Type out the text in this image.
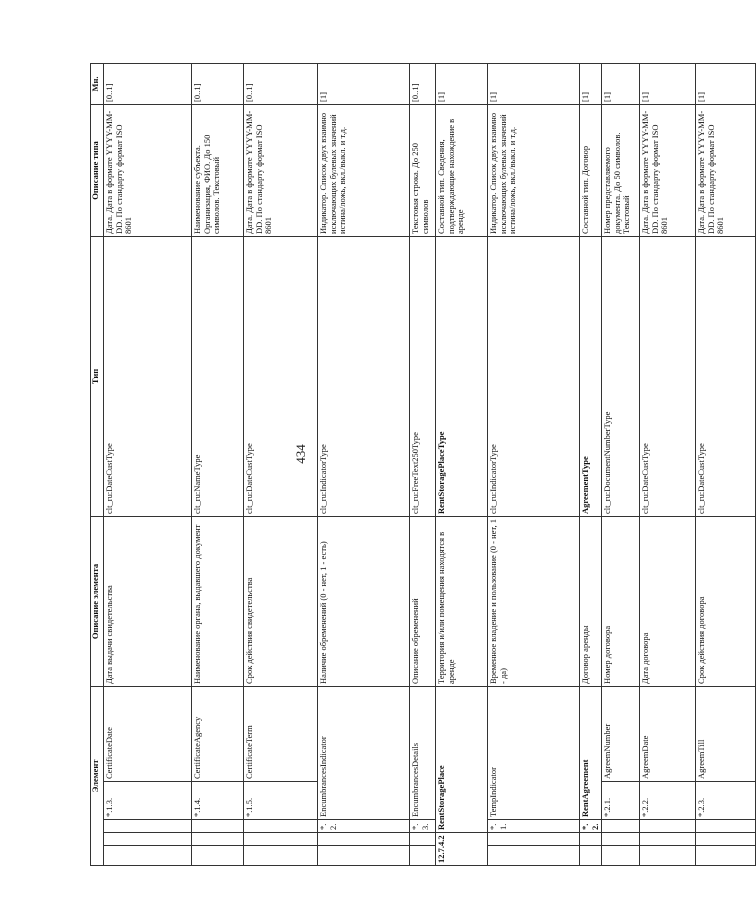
434
Элемент					Описание элемента	Тип	Описание типа	Мн.
			*.1.3.	CertificateDate	Дата выдачи свидетельства	clt_ru:DateCustType	Дата. Дата в формате YYYY-MM-DD. По стандарту формат ISO 8601	[0..1]
			*.1.4.	CertificateAgency	Наименование органа, выдавшего документ	clt_ru:NameType	Наименование субъекта. Организация, ФИО. До 150 символов. Текстовый	[0..1]
			*.1.5.	CertificateTerm	Срок действия свидетельства	clt_ru:DateCustType	Дата. Дата в формате YYYY-MM-DD. По стандарту формат ISO 8601	[0..1]
		*.2.	EncumbrancesIndicator		Наличие обременений (0 - нет, 1 - есть)	clt_ru:IndicatorType	Индикатор. Список двух взаимно исключающих булевых значений истина/ложь, вкл./выкл. и т.д.	[1]
		*.3.	EncumbrancesDetails		Описание обременений	clt_ru:FreeText250Type	Текстовая строка. До 250 символов	[0..1]
12.7.4.2		RentStoragePlace			Территория и/или помещения находятся в аренде	RentStoragePlaceType	Составной тип. Сведения, подтверждающие нахождение в аренде	[1]
		*.1.	TempIndicator		Временное владение и пользование (0 - нет, 1 - да)	clt_ru:IndicatorType	Индикатор. Список двух взаимно исключающих булевых значений истина/ложь, вкл./выкл. и т.д.	[1]
		*.2.	RentAgreement		Договор аренды	AgreementType	Составной тип. Договор	[1]
			*.2.1.	AgreemNumber	Номер договора	clt_ru:DocumentNumberType	Номер представляемого документа. До 50 символов. Текстовый	[1]
			*.2.2.	AgreemDate	Дата договора	clt_ru:DateCustType	Дата. Дата в формате YYYY-MM-DD. По стандарту формат ISO 8601	[1]
			*.2.3.	AgreemTill	Срок действия договора	clt_ru:DateCustType	Дата. Дата в формате YYYY-MM-DD. По стандарту формат ISO 8601	[1]
